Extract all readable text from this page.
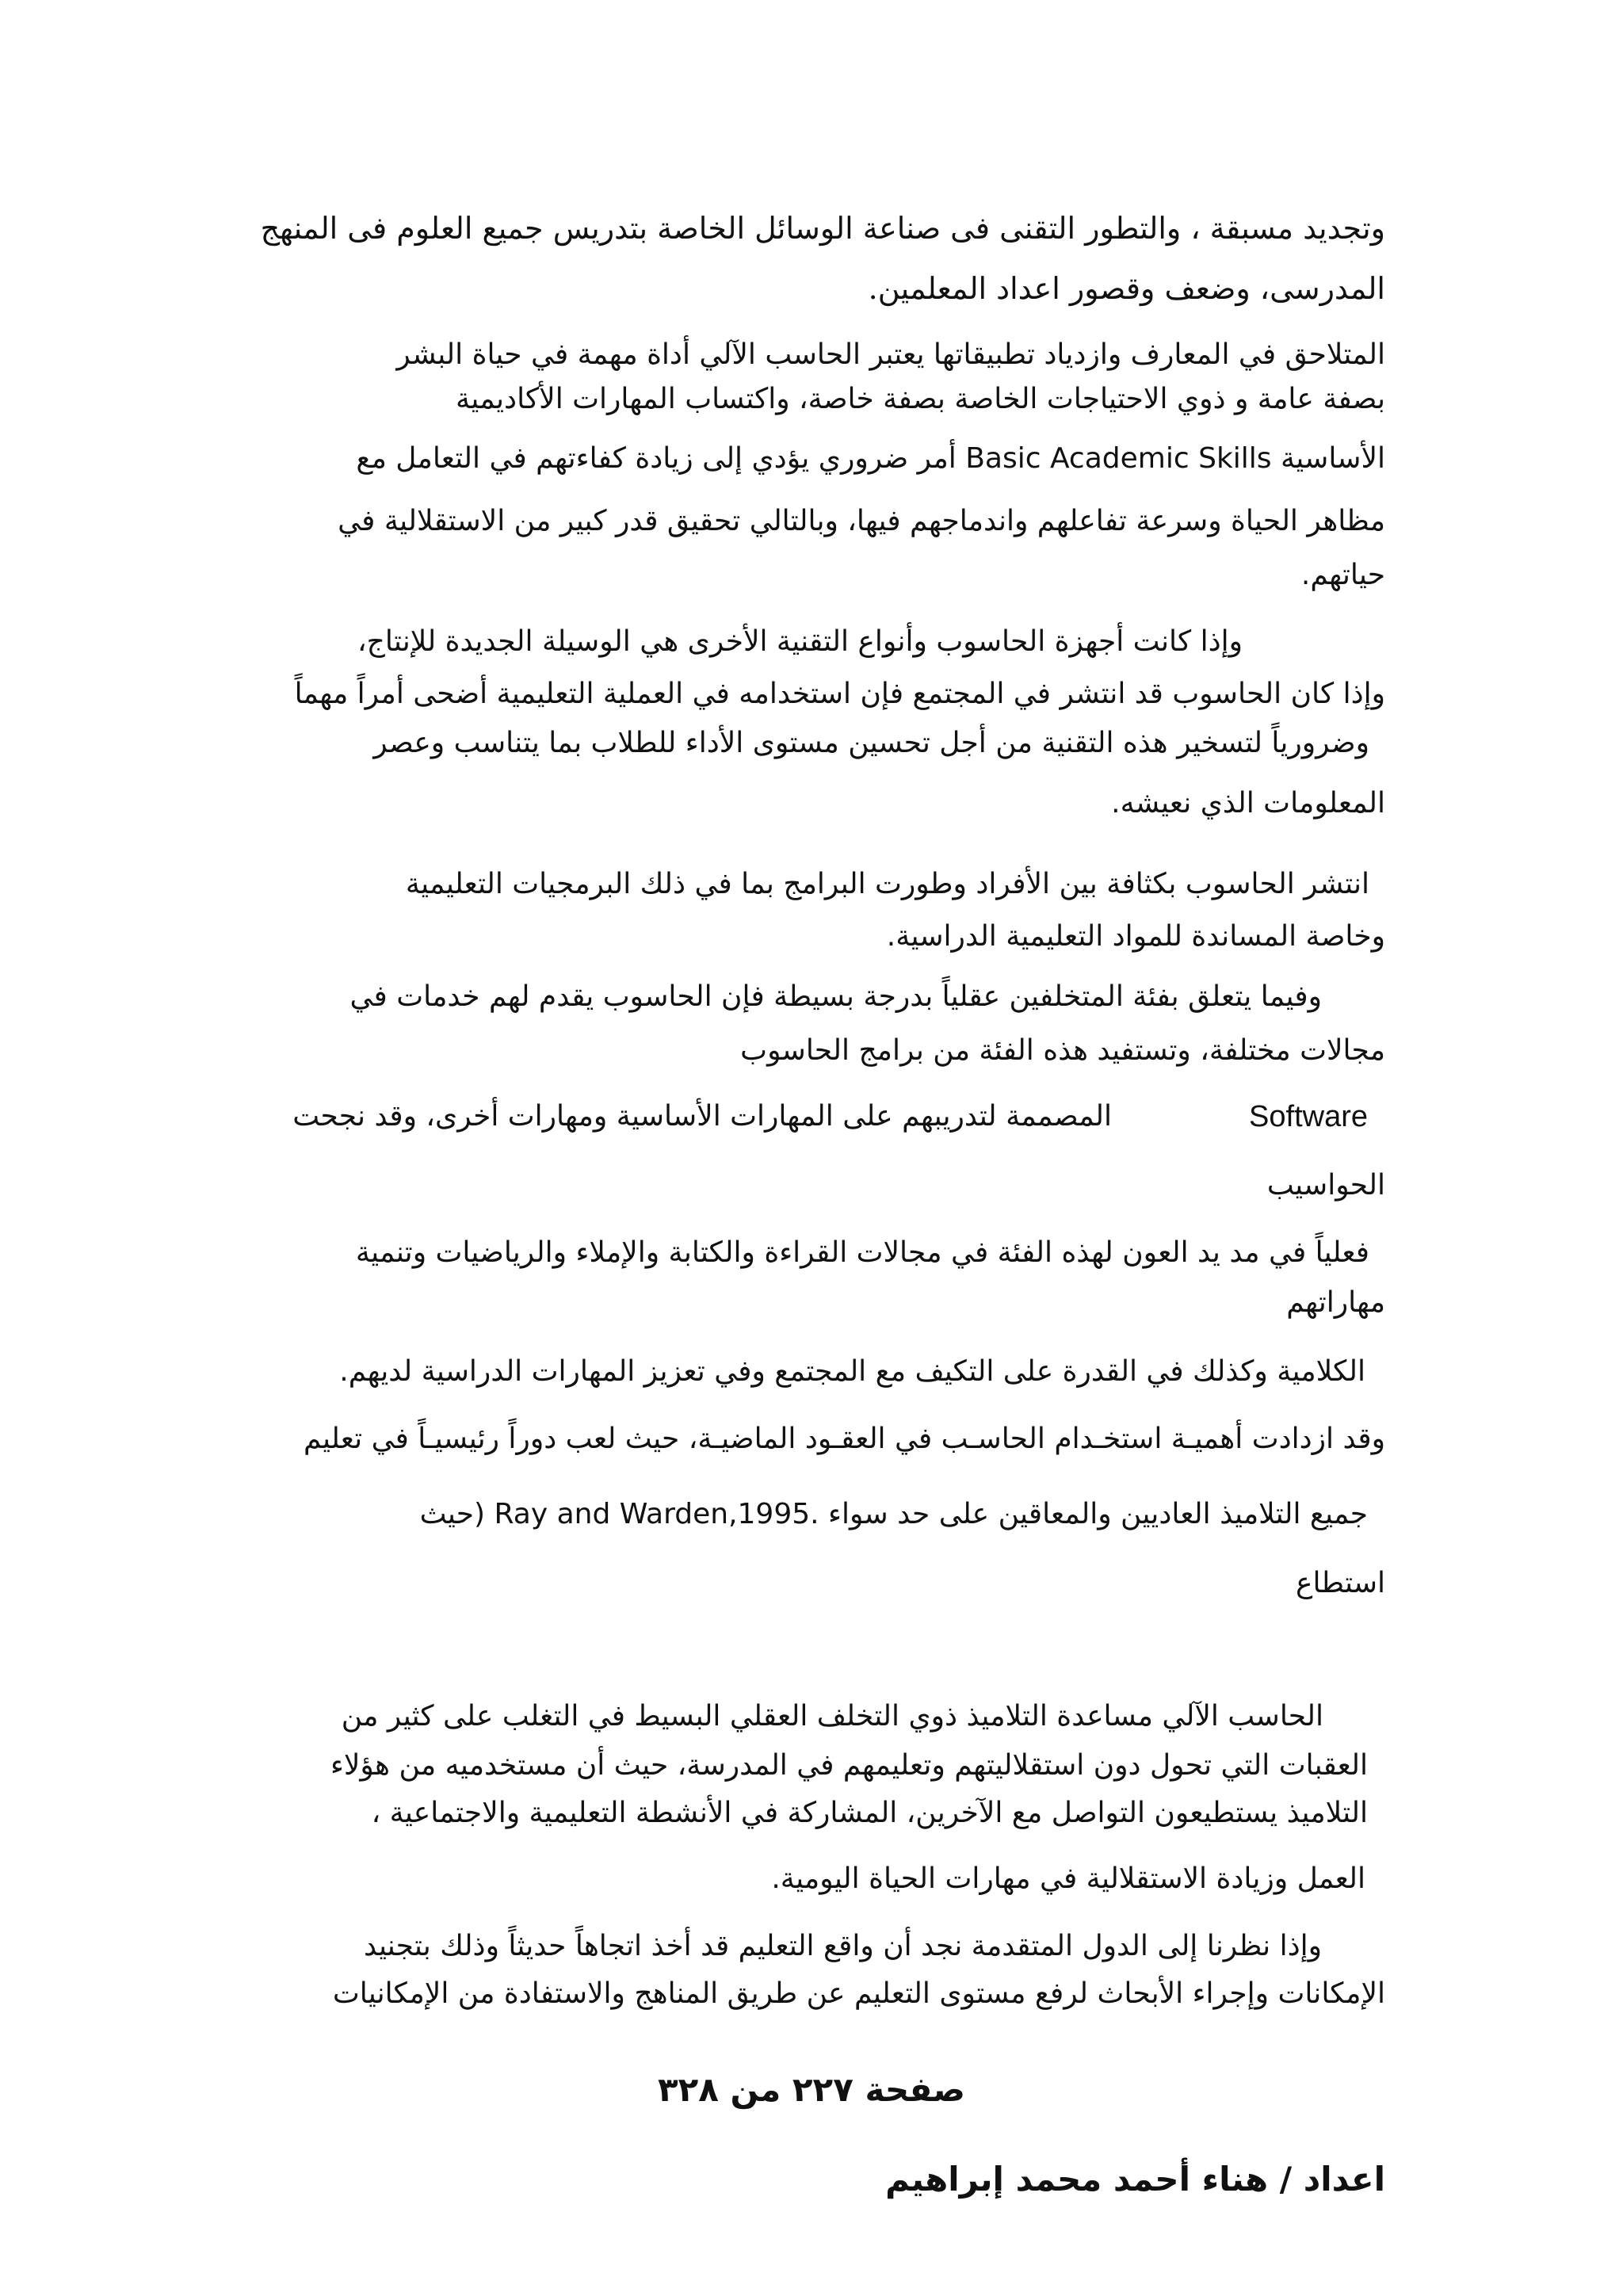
وتجديد مسبقة ، والتطور التقنى فى صناعة الوسائل الخاصة بتدريس جميع العلوم فى المنهج
المدرسى، وضعف وقصور اعداد المعلمين.
المتلاحق في المعارف وازدياد تطبيقاتها يعتبر الحاسب الآلي أداة مهمة في حياة البشر
بصفة عامة و ذوي الاحتياجات الخاصة بصفة خاصة، واكتساب المهارات الأكاديمية
الأساسية Basic Academic Skills أمر ضروري يؤدي إلى زيادة كفاءتهم في التعامل مع
مظاهر الحياة وسرعة تفاعلهم واندماجهم فيها، وبالتالي تحقيق قدر كبير من الاستقلالية في
حياتهم.
وإذا كانت أجهزة الحاسوب وأنواع التقنية الأخرى هي الوسيلة الجديدة للإنتاج،
وإذا كان الحاسوب قد انتشر في المجتمع فإن استخدامه في العملية التعليمية أضحى أمراً مهماً
وضرورياً لتسخير هذه التقنية من أجل تحسين مستوى الأداء للطلاب بما يتناسب وعصر
المعلومات الذي نعيشه.
انتشر الحاسوب بكثافة بين الأفراد وطورت البرامج بما في ذلك البرمجيات التعليمية
وخاصة المساندة للمواد التعليمية الدراسية.
وفيما يتعلق بفئة المتخلفين عقلياً بدرجة بسيطة فإن الحاسوب يقدم لهم خدمات في
مجالات مختلفة، وتستفيد هذه الفئة من برامج الحاسوب
Software
المصممة لتدريبهم على المهارات الأساسية ومهارات أخرى، وقد نجحت
الحواسيب
فعلياً في مد يد العون لهذه الفئة في مجالات القراءة والكتابة والإملاء والرياضيات وتنمية
مهاراتهم
الكلامية وكذلك في القدرة على التكيف مع المجتمع وفي تعزيز المهارات الدراسية لديهم.
وقد ازدادت أهميـة استخـدام الحاسـب في العقـود الماضيـة، حيث لعب دوراً رئيسيـاً في تعليم
جميع التلاميذ العاديين والمعاقين على حد سواء .Ray and Warden,1995 (حيث
استطاع
الحاسب الآلي مساعدة التلاميذ ذوي التخلف العقلي البسيط في التغلب على كثير من
العقبات التي تحول دون استقلاليتهم وتعليمهم في المدرسة، حيث أن مستخدميه من هؤلاء
التلاميذ يستطيعون التواصل مع الآخرين، المشاركة في الأنشطة التعليمية والاجتماعية ،
العمل وزيادة الاستقلالية في مهارات الحياة اليومية.
وإذا نظرنا إلى الدول المتقدمة نجد أن واقع التعليم قد أخذ اتجاهاً حديثاً وذلك بتجنيد
الإمكانات وإجراء الأبحاث لرفع مستوى التعليم عن طريق المناهج والاستفادة من الإمكانيات
صفحة ٢٢٧ من ٣٢٨
اعداد / هناء أحمد محمد إبراهيم
